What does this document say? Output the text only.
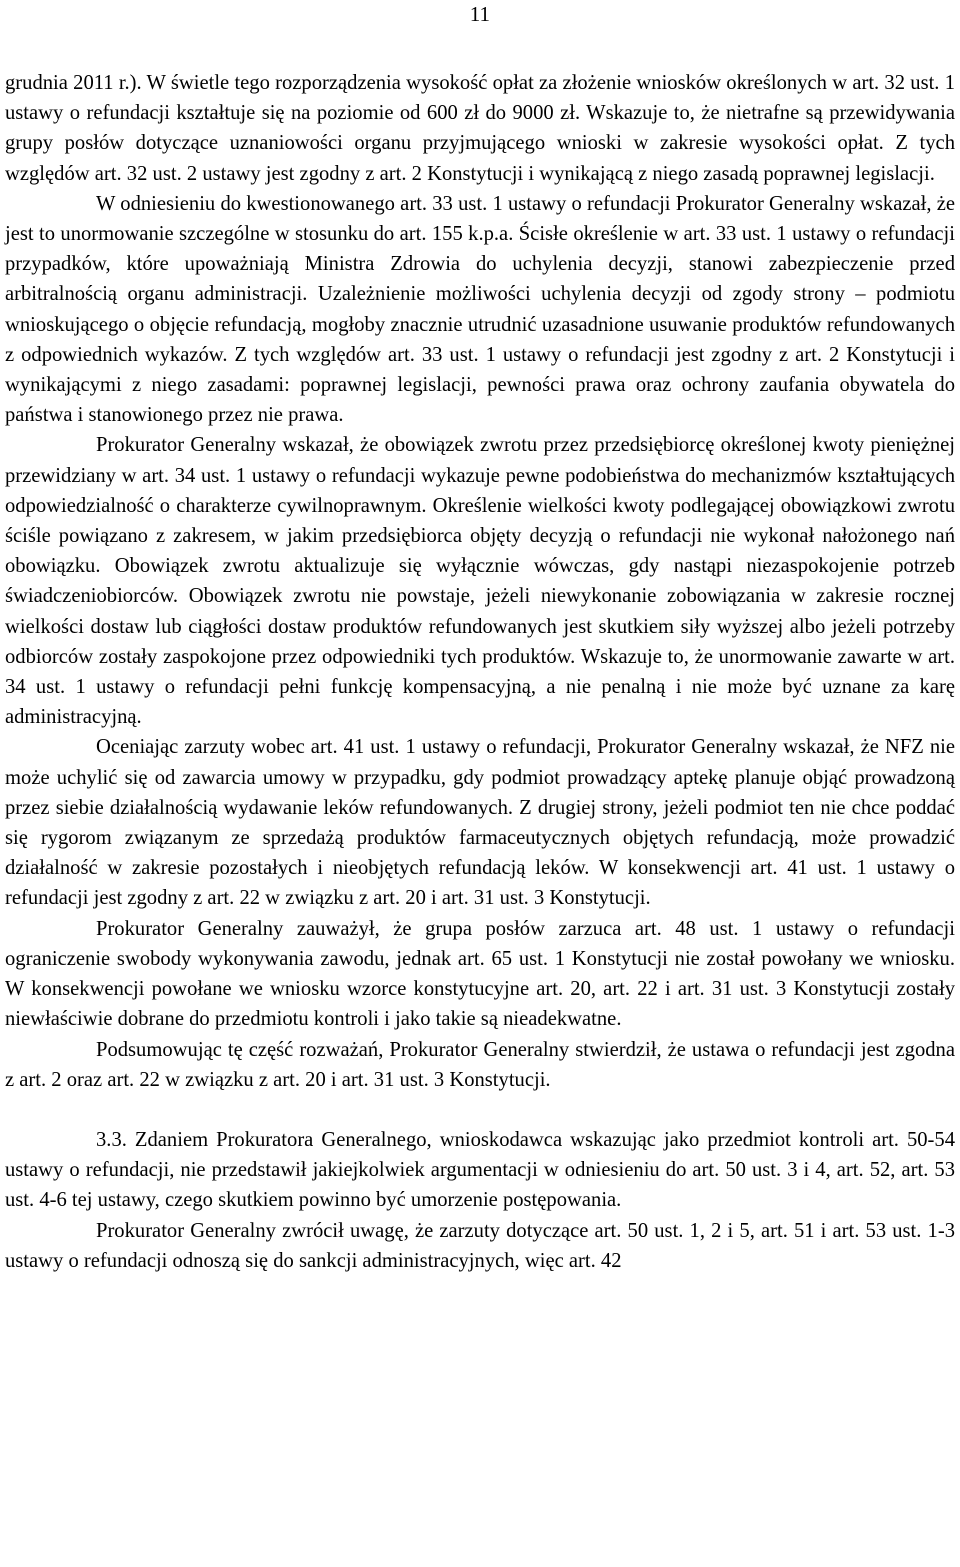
11

grudnia 2011 r.). W świetle tego rozporządzenia wysokość opłat za złożenie wniosków określonych w art. 32 ust. 1 ustawy o refundacji kształtuje się na poziomie od 600 zł do 9000 zł. Wskazuje to, że nietrafne są przewidywania grupy posłów dotyczące uznaniowości organu przyjmującego wnioski w zakresie wysokości opłat. Z tych względów art. 32 ust. 2 ustawy jest zgodny z art. 2 Konstytucji i wynikającą z niego zasadą poprawnej legislacji.

W odniesieniu do kwestionowanego art. 33 ust. 1 ustawy o refundacji Prokurator Generalny wskazał, że jest to unormowanie szczególne w stosunku do art. 155 k.p.a. Ścisłe określenie w art. 33 ust. 1 ustawy o refundacji przypadków, które upoważniają Ministra Zdrowia do uchylenia decyzji, stanowi zabezpieczenie przed arbitralnością organu administracji. Uzależnienie możliwości uchylenia decyzji od zgody strony – podmiotu wnioskującego o objęcie refundacją, mogłoby znacznie utrudnić uzasadnione usuwanie produktów refundowanych z odpowiednich wykazów. Z tych względów art. 33 ust. 1 ustawy o refundacji jest zgodny z art. 2 Konstytucji i wynikającymi z niego zasadami: poprawnej legislacji, pewności prawa oraz ochrony zaufania obywatela do państwa i stanowionego przez nie prawa.

Prokurator Generalny wskazał, że obowiązek zwrotu przez przedsiębiorcę określonej kwoty pieniężnej przewidziany w art. 34 ust. 1 ustawy o refundacji wykazuje pewne podobieństwa do mechanizmów kształtujących odpowiedzialność o charakterze cywilnoprawnym. Określenie wielkości kwoty podlegającej obowiązkowi zwrotu ściśle powiązano z zakresem, w jakim przedsiębiorca objęty decyzją o refundacji nie wykonał nałożonego nań obowiązku. Obowiązek zwrotu aktualizuje się wyłącznie wówczas, gdy nastąpi niezaspokojenie potrzeb świadczeniobiorców. Obowiązek zwrotu nie powstaje, jeżeli niewykonanie zobowiązania w zakresie rocznej wielkości dostaw lub ciągłości dostaw produktów refundowanych jest skutkiem siły wyższej albo jeżeli potrzeby odbiorców zostały zaspokojone przez odpowiedniki tych produktów. Wskazuje to, że unormowanie zawarte w art. 34 ust. 1 ustawy o refundacji pełni funkcję kompensacyjną, a nie penalną i nie może być uznane za karę administracyjną.

Oceniając zarzuty wobec art. 41 ust. 1 ustawy o refundacji, Prokurator Generalny wskazał, że NFZ nie może uchylić się od zawarcia umowy w przypadku, gdy podmiot prowadzący aptekę planuje objąć prowadzoną przez siebie działalnością wydawanie leków refundowanych. Z drugiej strony, jeżeli podmiot ten nie chce poddać się rygorom związanym ze sprzedażą produktów farmaceutycznych objętych refundacją, może prowadzić działalność w zakresie pozostałych i nieobjętych refundacją leków. W konsekwencji art. 41 ust. 1 ustawy o refundacji jest zgodny z art. 22 w związku z art. 20 i art. 31 ust. 3 Konstytucji.

Prokurator Generalny zauważył, że grupa posłów zarzuca art. 48 ust. 1 ustawy o refundacji ograniczenie swobody wykonywania zawodu, jednak art. 65 ust. 1 Konstytucji nie został powołany we wniosku. W konsekwencji powołane we wniosku wzorce konstytucyjne art. 20, art. 22 i art. 31 ust. 3 Konstytucji zostały niewłaściwie dobrane do przedmiotu kontroli i jako takie są nieadekwatne.

Podsumowując tę część rozważań, Prokurator Generalny stwierdził, że ustawa o refundacji jest zgodna z art. 2 oraz art. 22 w związku z art. 20 i art. 31 ust. 3 Konstytucji.

3.3. Zdaniem Prokuratora Generalnego, wnioskodawca wskazując jako przedmiot kontroli art. 50-54 ustawy o refundacji, nie przedstawił jakiejkolwiek argumentacji w odniesieniu do art. 50 ust. 3 i 4, art. 52, art. 53 ust. 4-6 tej ustawy, czego skutkiem powinno być umorzenie postępowania.

Prokurator Generalny zwrócił uwagę, że zarzuty dotyczące art. 50 ust. 1, 2 i 5, art. 51 i art. 53 ust. 1-3 ustawy o refundacji odnoszą się do sankcji administracyjnych, więc art. 42
